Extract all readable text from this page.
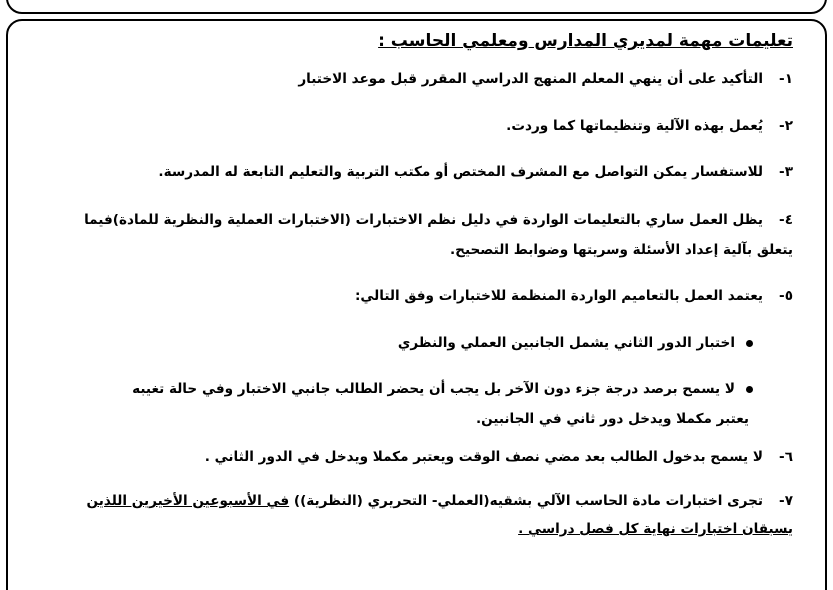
تعليمات مهمة لمديري المدارس ومعلمي الحاسب :
١-
التأكيد على أن ينهي المعلم المنهج الدراسي المقرر قبل موعد الاختبار
٢-
يُعمل بهذه الآلية وتنظيماتها كما وردت.
٣-
للاستفسار يمكن التواصل مع المشرف المختص أو مكتب التربية والتعليم التابعة له المدرسة.
٤-
يظل العمل ساري بالتعليمات الواردة في دليل نظم الاختبارات (الاختبارات العملية والنظرية للمادة)فيما
يتعلق بآلية إعداد الأسئلة وسريتها وضوابط التصحيح.
٥-
يعتمد العمل بالتعاميم الواردة المنظمة للاختبارات وفق التالي:
اختبار الدور الثاني يشمل الجانبين العملي والنظري
لا يسمح برصد درجة جزء دون الآخر بل يجب أن يحضر الطالب جانبي الاختبار وفي حالة تغيبه
يعتبر مكملا ويدخل دور ثاني في الجانبين.
٦-
لا يسمح بدخول الطالب بعد مضي نصف الوقت ويعتبر مكملا ويدخل في الدور الثاني .
٧-
تجرى اختبارات مادة الحاسب الآلي بشقيه(العملي- التحريري (النظرية)) في الأسبوعين الأخيرين اللذين
يسبقان اختبارات نهاية كل فصل دراسي .
